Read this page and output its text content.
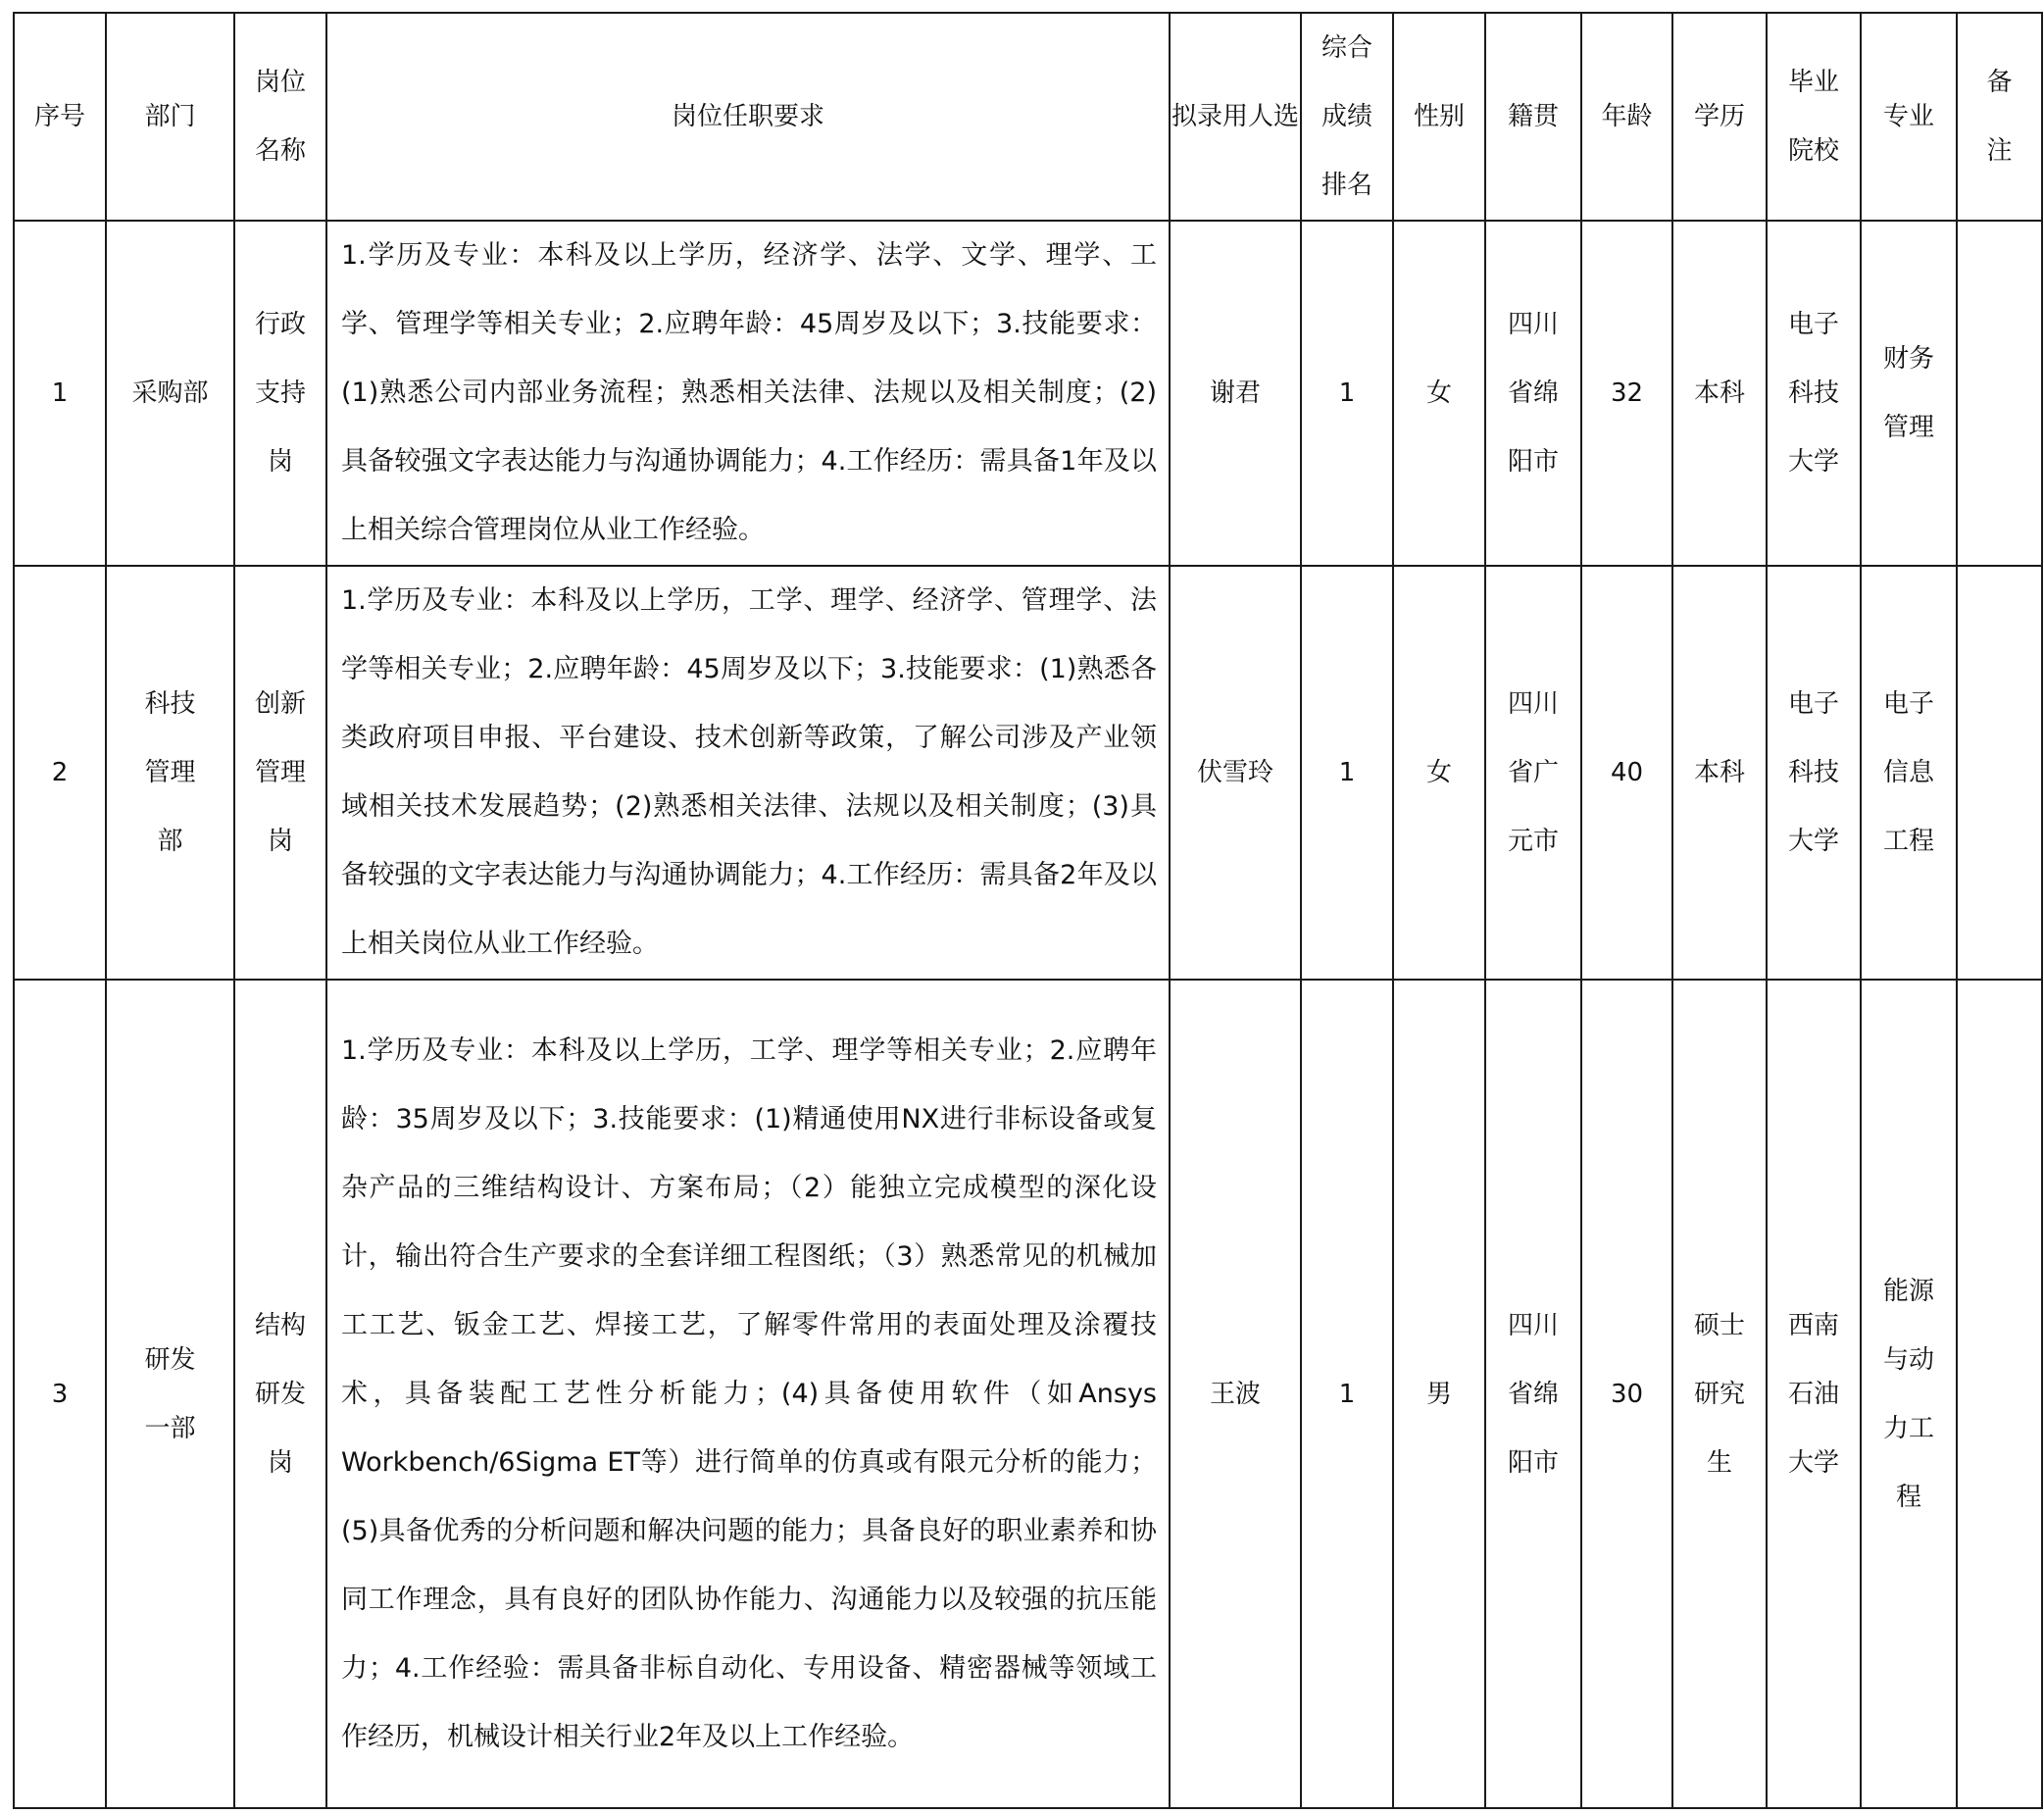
序号	部门	岗位名称	岗位任职要求	拟录用人选	综合成绩排名	性别	籍贯	年龄	学历	毕业院校	专业	备注
1	采购部	行政支持岗	1.学历及专业：本科及以上学历，经济学、法学、文学、理学、工学、管理学等相关专业；2.应聘年龄：45周岁及以下；3.技能要求：(1)熟悉公司内部业务流程；熟悉相关法律、法规以及相关制度；(2)具备较强文字表达能力与沟通协调能力；4.工作经历：需具备1年及以上相关综合管理岗位从业工作经验。	谢君	1	女	四川省绵阳市	32	本科	电子科技大学	财务管理	
2	科技管理部	创新管理岗	1.学历及专业：本科及以上学历，工学、理学、经济学、管理学、法学等相关专业；2.应聘年龄：45周岁及以下；3.技能要求：(1)熟悉各类政府项目申报、平台建设、技术创新等政策，了解公司涉及产业领域相关技术发展趋势；(2)熟悉相关法律、法规以及相关制度；(3)具备较强的文字表达能力与沟通协调能力；4.工作经历：需具备2年及以上相关岗位从业工作经验。	伏雪玲	1	女	四川省广元市	40	本科	电子科技大学	电子信息工程	
3	研发一部	结构研发岗	1.学历及专业：本科及以上学历，工学、理学等相关专业；2.应聘年龄：35周岁及以下；3.技能要求：(1)精通使用NX进行非标设备或复杂产品的三维结构设计、方案布局；（2）能独立完成模型的深化设计，输出符合生产要求的全套详细工程图纸；（3）熟悉常见的机械加工工艺、钣金工艺、焊接工艺，了解零件常用的表面处理及涂覆技术，具备装配工艺性分析能力；(4)具备使用软件（如Ansys Workbench/6Sigma ET等）进行简单的仿真或有限元分析的能力；(5)具备优秀的分析问题和解决问题的能力；具备良好的职业素养和协同工作理念，具有良好的团队协作能力、沟通能力以及较强的抗压能力；4.工作经验：需具备非标自动化、专用设备、精密器械等领域工作经历，机械设计相关行业2年及以上工作经验。	王波	1	男	四川省绵阳市	30	硕士研究生	西南石油大学	能源与动力工程	
